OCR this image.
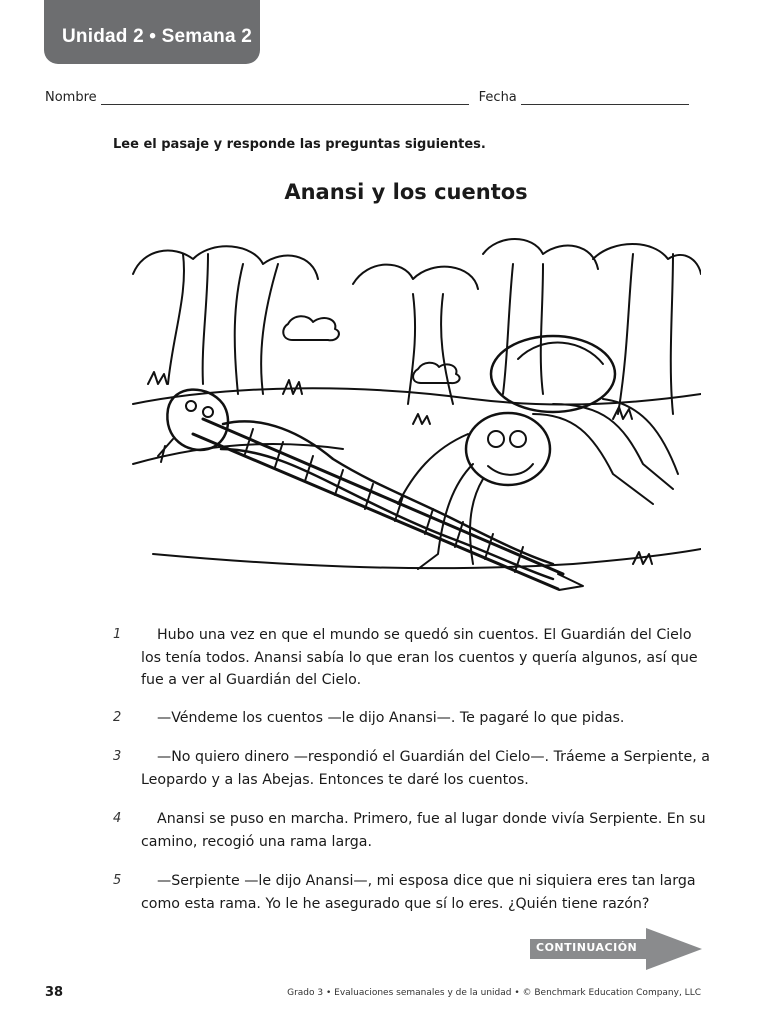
Unidad 2 • Semana 2
Nombre	Fecha
Lee el pasaje y responde las preguntas siguientes.
Anansi y los cuentos
1	Hubo una vez en que el mundo se quedó sin cuentos. El Guardián del Cielo los tenía todos. Anansi sabía lo que eran los cuentos y quería algunos, así que fue a ver al Guardián del Cielo.

2	—Véndeme los cuentos —le dijo Anansi—. Te pagaré lo que pidas.

3	—No quiero dinero —respondió el Guardián del Cielo—. Tráeme a Serpiente, a Leopardo y a las Abejas. Entonces te daré los cuentos.

4	Anansi se puso en marcha. Primero, fue al lugar donde vivía Serpiente. En su camino, recogió una rama larga.

5	—Serpiente —le dijo Anansi—, mi esposa dice que ni siquiera eres tan larga como esta rama. Yo le he asegurado que sí lo eres. ¿Quién tiene razón?

CONTINUACIÓN
38	Grado 3 • Evaluaciones semanales y de la unidad • © Benchmark Education Company, LLC
